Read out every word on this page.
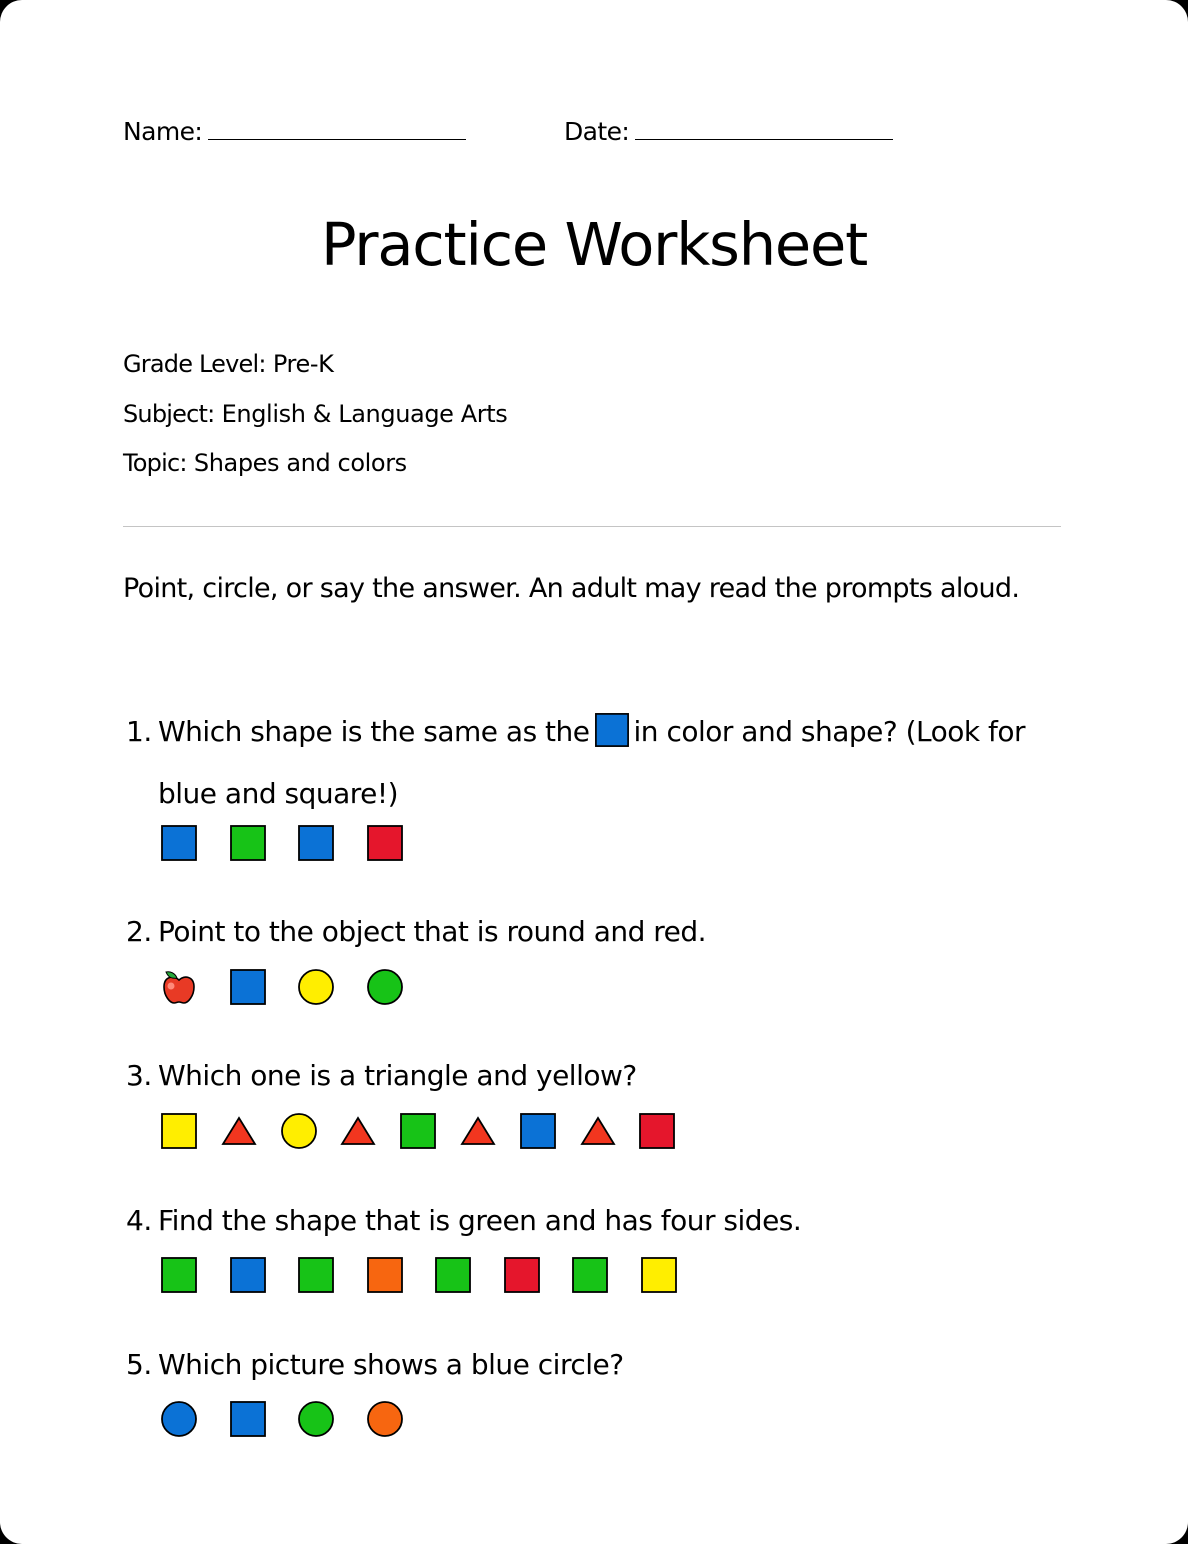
Name:	Date:
Practice Worksheet
Grade Level: Pre-K
Subject: English & Language Arts
Topic: Shapes and colors
Point, circle, or say the answer. An adult may read the prompts aloud.
1. Which shape is the same as the in color and shape? (Look for blue and square!)
2. Point to the object that is round and red.
3. Which one is a triangle and yellow?
4. Find the shape that is green and has four sides.
5. Which picture shows a blue circle?
